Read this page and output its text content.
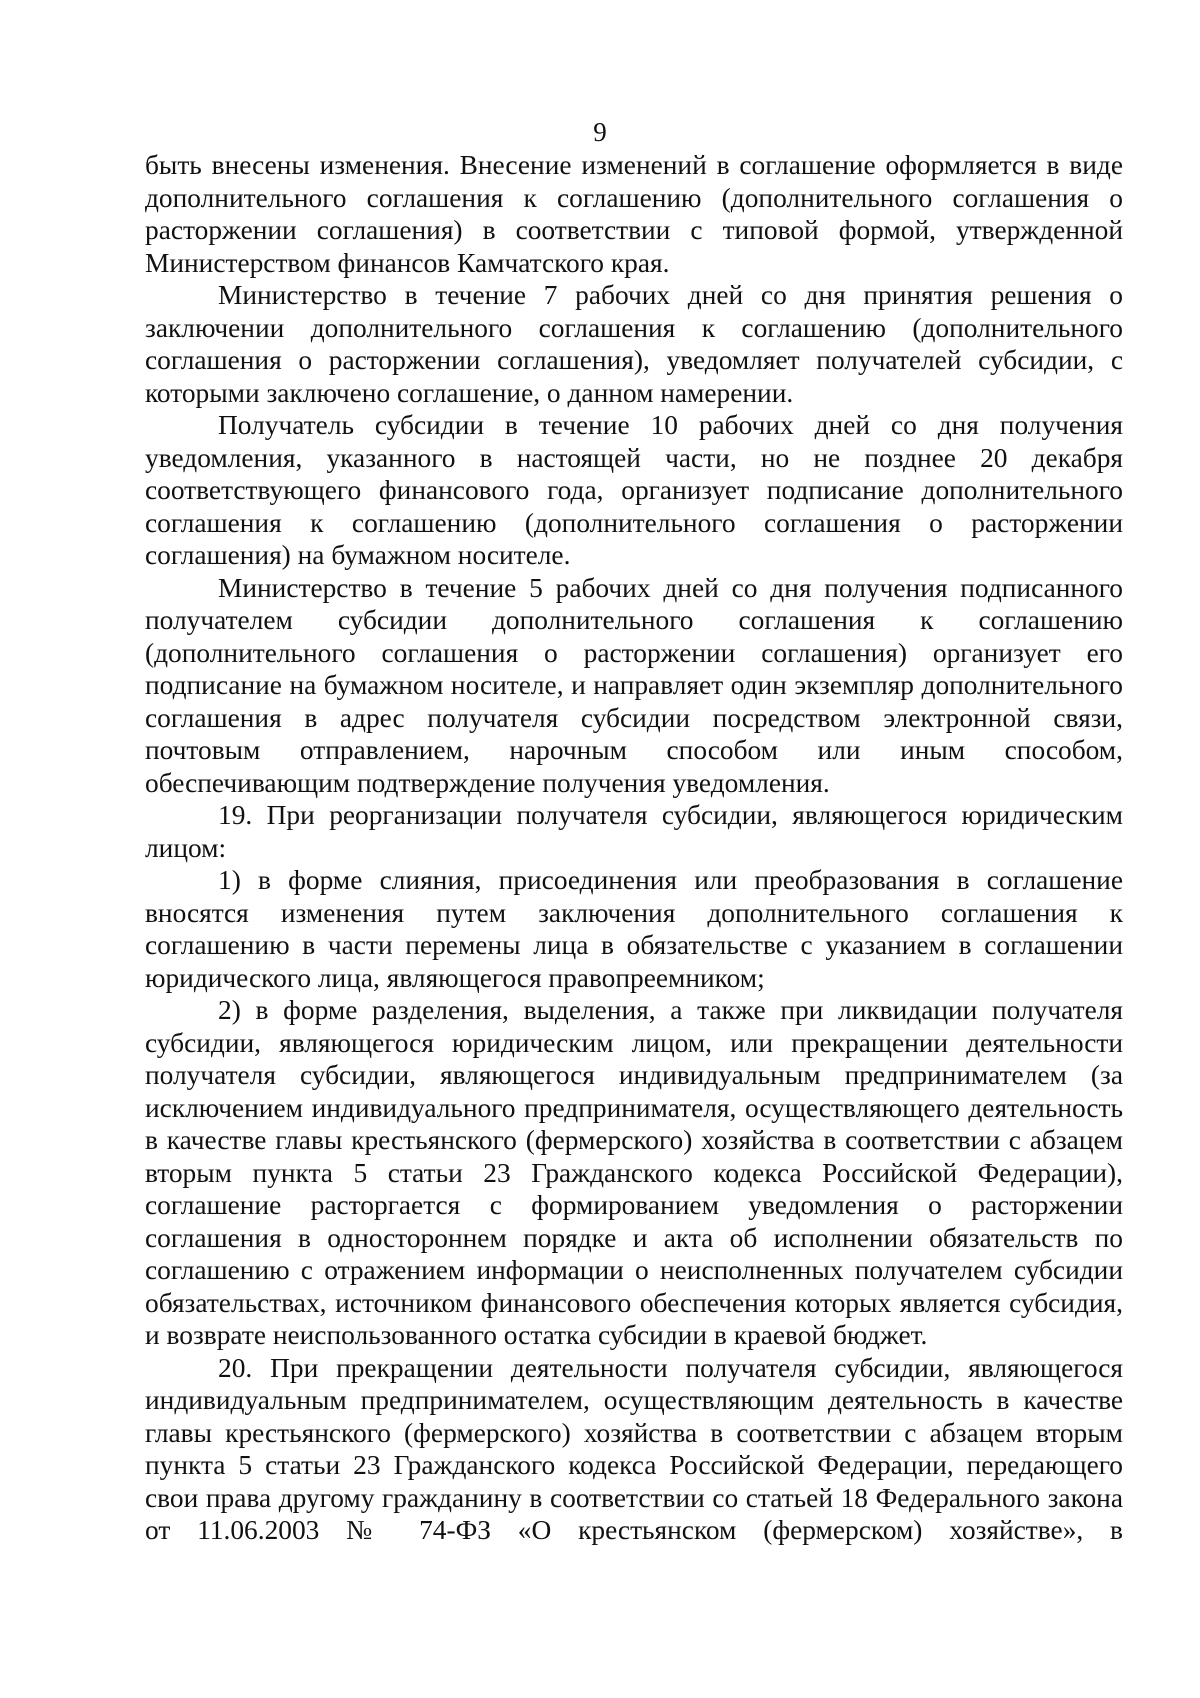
9

быть внесены изменения. Внесение изменений в соглашение оформляется в виде дополнительного соглашения к соглашению (дополнительного соглашения о расторжении соглашения) в соответствии с типовой формой, утвержденной Министерством финансов Камчатского края.

Министерство в течение 7 рабочих дней со дня принятия решения о заключении дополнительного соглашения к соглашению (дополнительного соглашения о расторжении соглашения), уведомляет получателей субсидии, с которыми заключено соглашение, о данном намерении.

Получатель субсидии в течение 10 рабочих дней со дня получения уведомления, указанного в настоящей части, но не позднее 20 декабря соответствующего финансового года, организует подписание дополнительного соглашения к соглашению (дополнительного соглашения о расторжении соглашения) на бумажном носителе.

Министерство в течение 5 рабочих дней со дня получения подписанного получателем субсидии дополнительного соглашения к соглашению (дополнительного соглашения о расторжении соглашения) организует его подписание на бумажном носителе, и направляет один экземпляр дополнительного соглашения в адрес получателя субсидии посредством электронной связи, почтовым отправлением, нарочным способом или иным способом, обеспечивающим подтверждение получения уведомления.

19. При реорганизации получателя субсидии, являющегося юридическим лицом:

1) в форме слияния, присоединения или преобразования в соглашение вносятся изменения путем заключения дополнительного соглашения к соглашению в части перемены лица в обязательстве с указанием в соглашении юридического лица, являющегося правопреемником;

2) в форме разделения, выделения, а также при ликвидации получателя субсидии, являющегося юридическим лицом, или прекращении деятельности получателя субсидии, являющегося индивидуальным предпринимателем (за исключением индивидуального предпринимателя, осуществляющего деятельность в качестве главы крестьянского (фермерского) хозяйства в соответствии с абзацем вторым пункта 5 статьи 23 Гражданского кодекса Российской Федерации), соглашение расторгается с формированием уведомления о расторжении соглашения в одностороннем порядке и акта об исполнении обязательств по соглашению с отражением информации о неисполненных получателем субсидии обязательствах, источником финансового обеспечения которых является субсидия, и возврате неиспользованного остатка субсидии в краевой бюджет.

20. При прекращении деятельности получателя субсидии, являющегося индивидуальным предпринимателем, осуществляющим деятельность в качестве главы крестьянского (фермерского) хозяйства в соответствии с абзацем вторым пункта 5 статьи 23 Гражданского кодекса Российской Федерации, передающего свои права другому гражданину в соответствии со статьей 18 Федерального закона от 11.06.2003 № 74-ФЗ «О крестьянском (фермерском) хозяйстве», в
